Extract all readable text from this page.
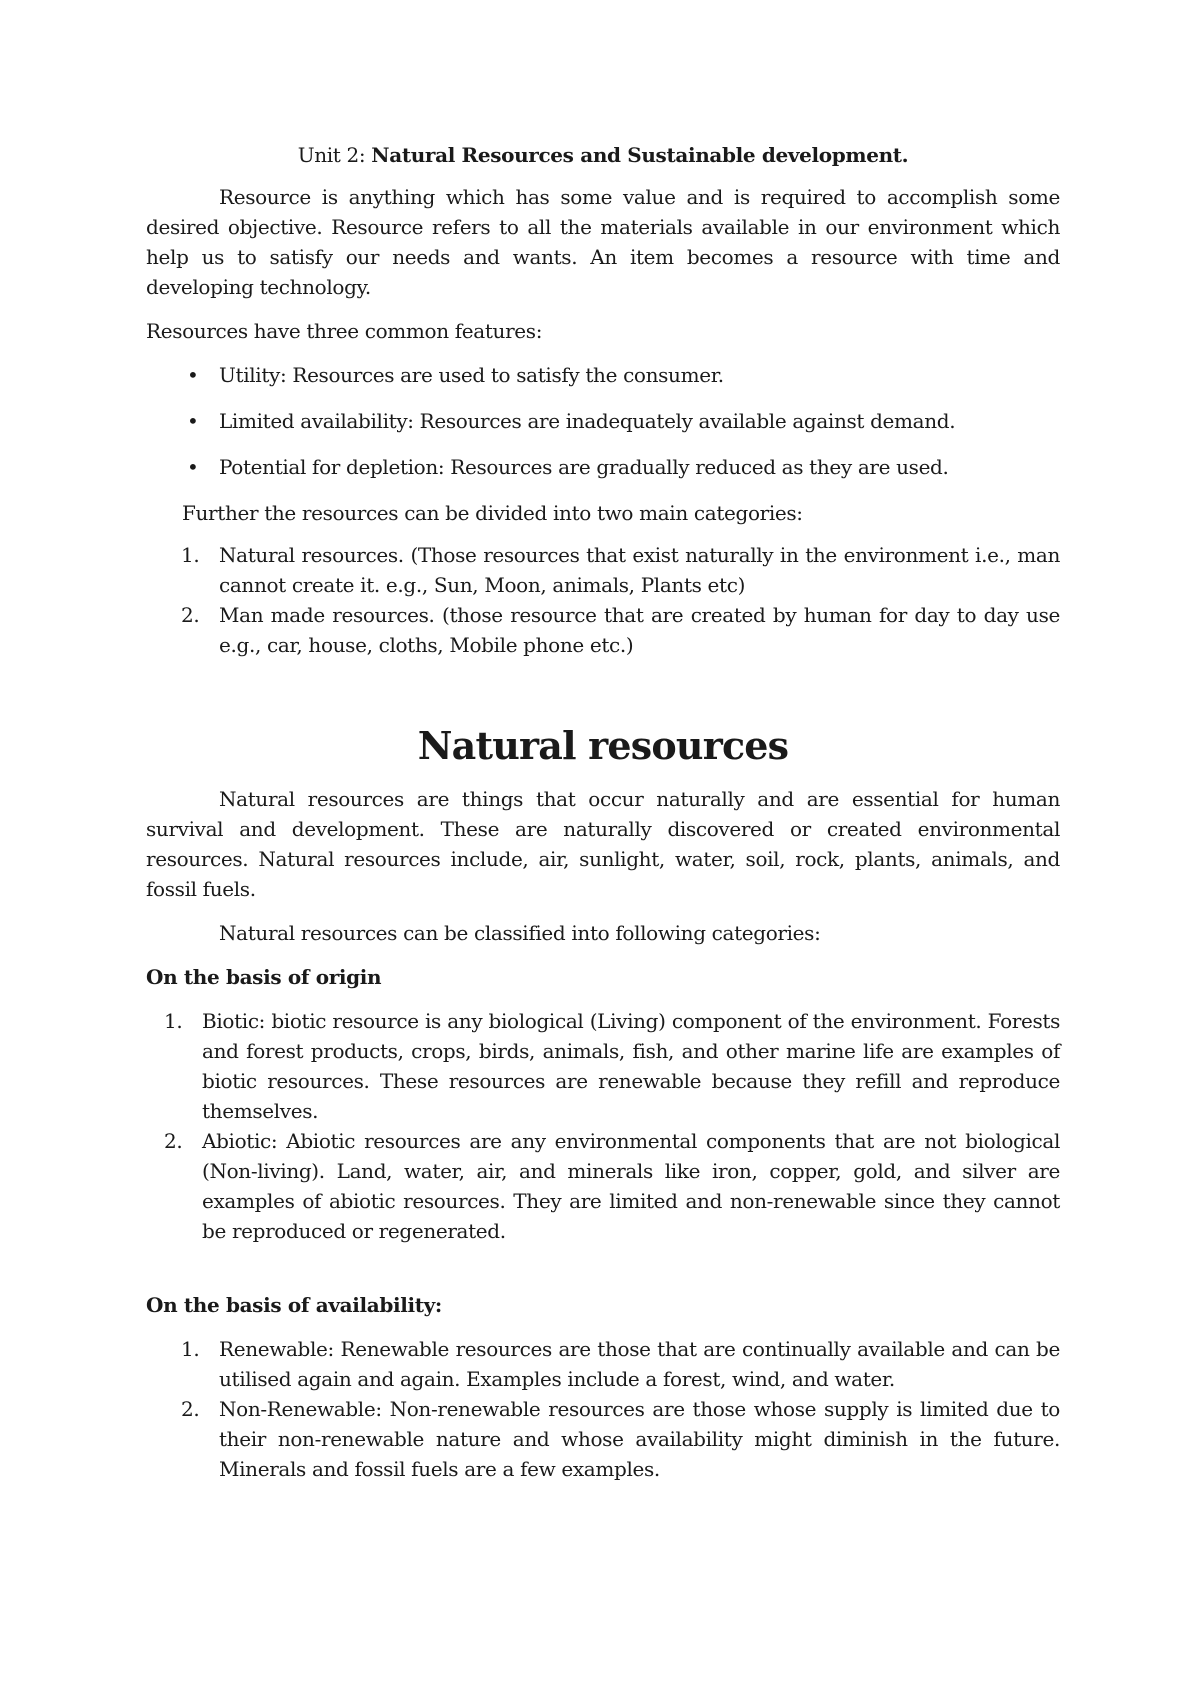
Unit 2: Natural Resources and Sustainable development.

Resource is anything which has some value and is required to accomplish some desired objective. Resource refers to all the materials available in our environment which help us to satisfy our needs and wants. An item becomes a resource with time and developing technology.

Resources have three common features:

• Utility: Resources are used to satisfy the consumer.
• Limited availability: Resources are inadequately available against demand.
• Potential for depletion: Resources are gradually reduced as they are used.

Further the resources can be divided into two main categories:

1. Natural resources. (Those resources that exist naturally in the environment i.e., man cannot create it. e.g., Sun, Moon, animals, Plants etc)
2. Man made resources. (those resource that are created by human for day to day use e.g., car, house, cloths, Mobile phone etc.)
Natural resources

Natural resources are things that occur naturally and are essential for human survival and development. These are naturally discovered or created environmental resources. Natural resources include, air, sunlight, water, soil, rock, plants, animals, and fossil fuels.

Natural resources can be classified into following categories:

On the basis of origin

1. Biotic: biotic resource is any biological (Living) component of the environment. Forests and forest products, crops, birds, animals, fish, and other marine life are examples of biotic resources. These resources are renewable because they refill and reproduce themselves.
2. Abiotic: Abiotic resources are any environmental components that are not biological (Non-living). Land, water, air, and minerals like iron, copper, gold, and silver are examples of abiotic resources. They are limited and non-renewable since they cannot be reproduced or regenerated.

On the basis of availability:

1. Renewable: Renewable resources are those that are continually available and can be utilised again and again. Examples include a forest, wind, and water.
2. Non-Renewable: Non-renewable resources are those whose supply is limited due to their non-renewable nature and whose availability might diminish in the future. Minerals and fossil fuels are a few examples.
